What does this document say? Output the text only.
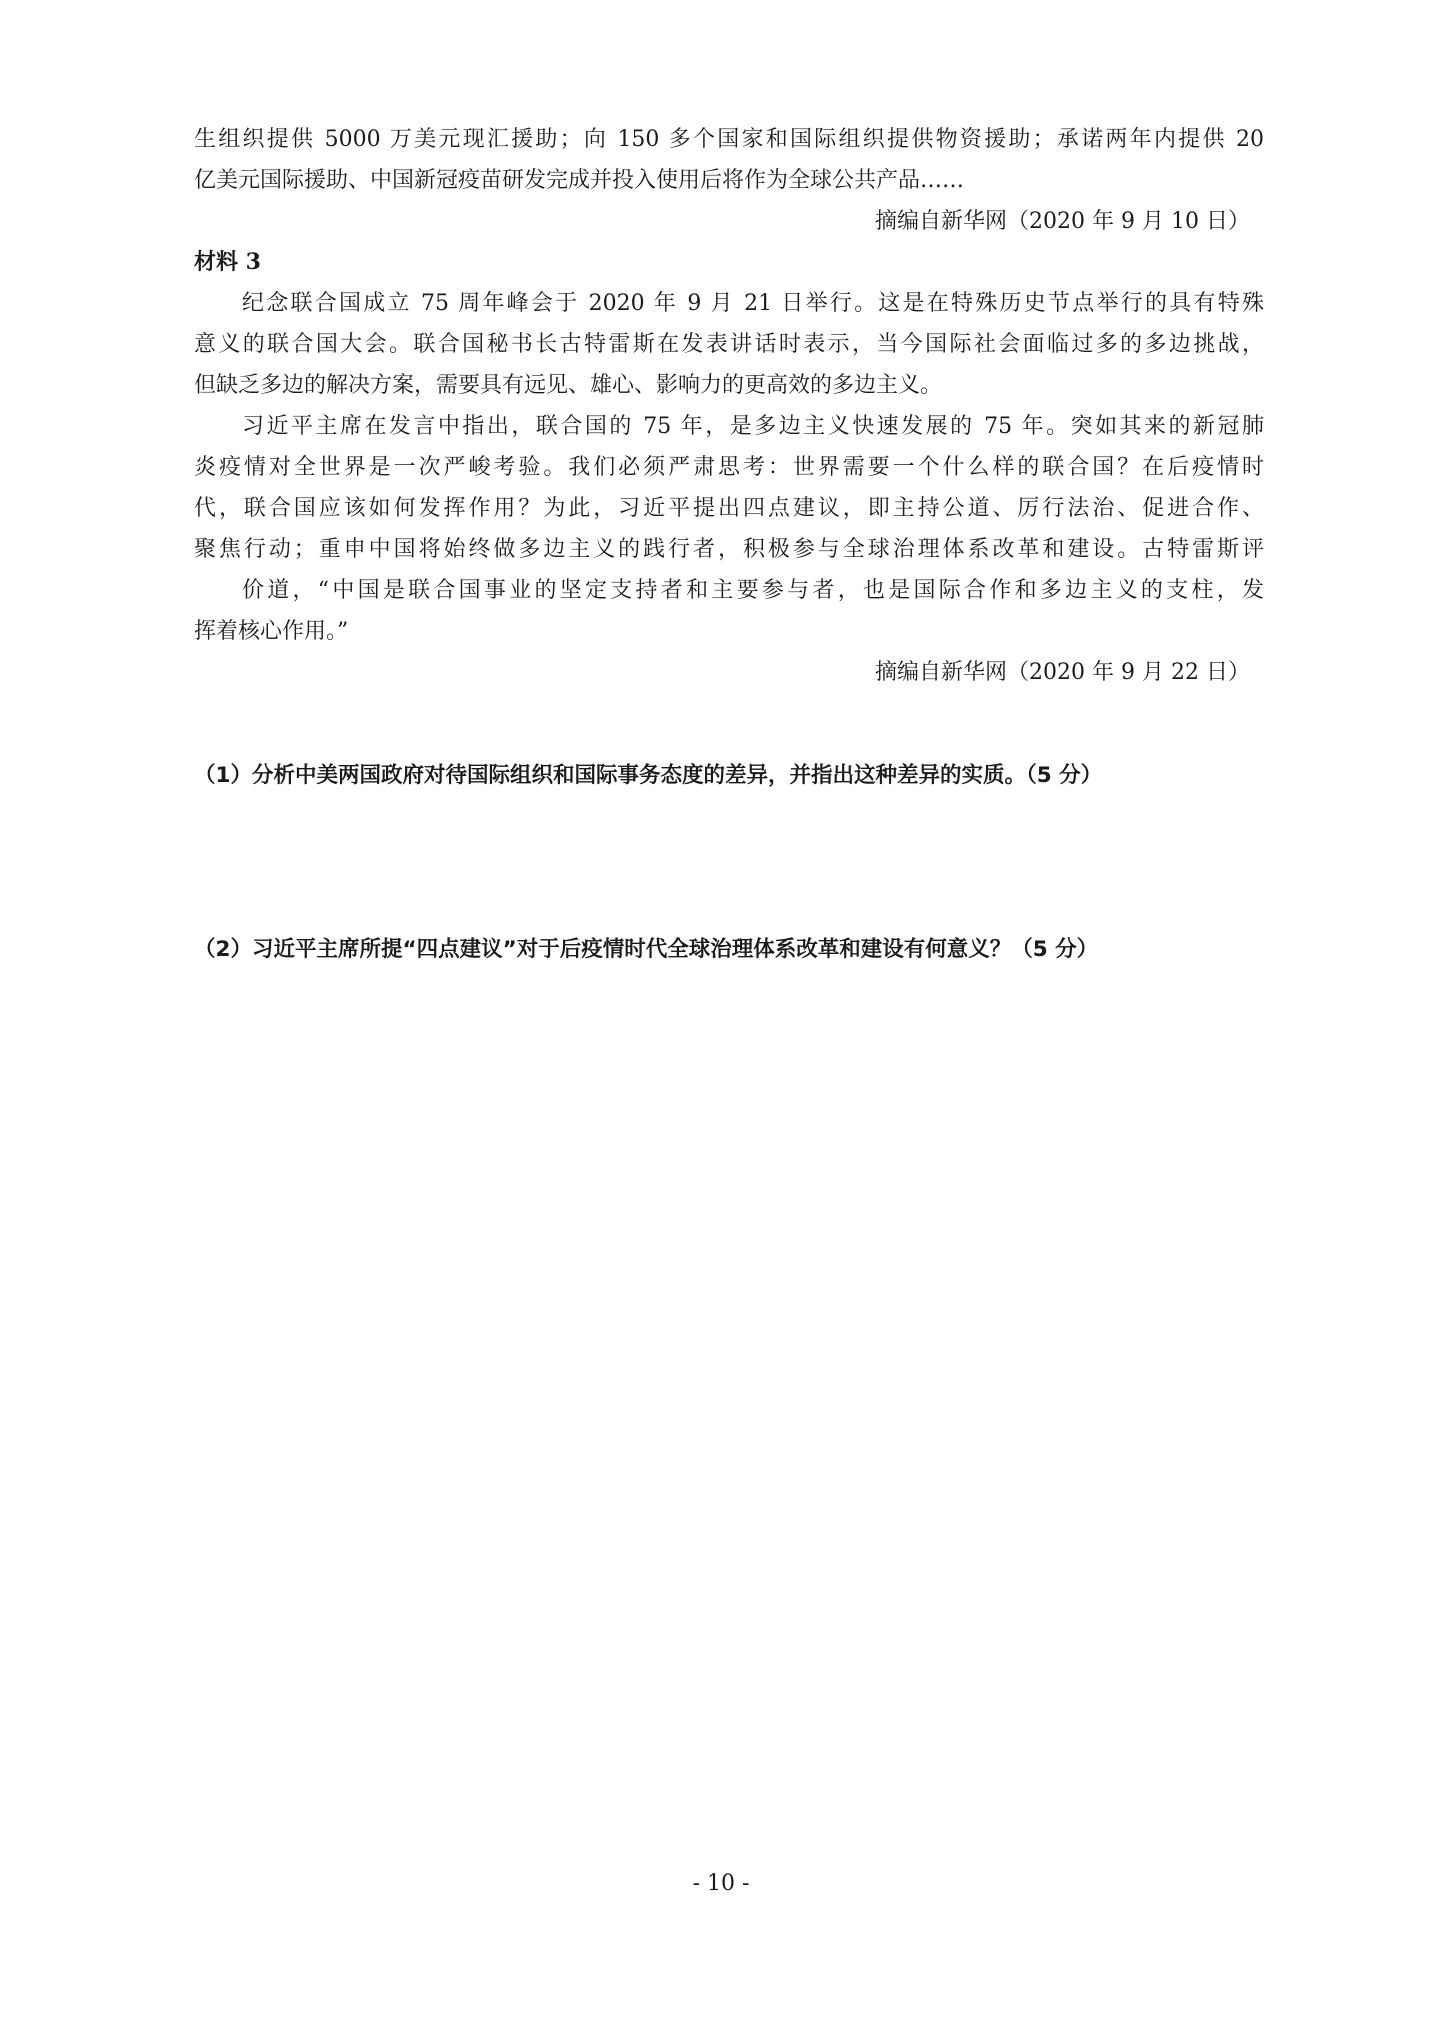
生组织提供 5000 万美元现汇援助；向 150 多个国家和国际组织提供物资援助；承诺两年内提供 20
亿美元国际援助、中国新冠疫苗研发完成并投入使用后将作为全球公共产品……
摘编自新华网（2020 年 9 月 10 日）
材料 3
纪念联合国成立 75 周年峰会于 2020 年 9 月 21 日举行。这是在特殊历史节点举行的具有特殊
意义的联合国大会。联合国秘书长古特雷斯在发表讲话时表示，当今国际社会面临过多的多边挑战，
但缺乏多边的解决方案，需要具有远见、雄心、影响力的更高效的多边主义。
习近平主席在发言中指出，联合国的 75 年，是多边主义快速发展的 75 年。突如其来的新冠肺
炎疫情对全世界是一次严峻考验。我们必须严肃思考：世界需要一个什么样的联合国？在后疫情时
代，联合国应该如何发挥作用？为此，习近平提出四点建议，即主持公道、厉行法治、促进合作、
聚焦行动；重申中国将始终做多边主义的践行者，积极参与全球治理体系改革和建设。古特雷斯评
价道，“中国是联合国事业的坚定支持者和主要参与者，也是国际合作和多边主义的支柱，发
挥着核心作用。”
摘编自新华网（2020 年 9 月 22 日）
（1）分析中美两国政府对待国际组织和国际事务态度的差异，并指出这种差异的实质。（5 分）
（2）习近平主席所提“四点建议”对于后疫情时代全球治理体系改革和建设有何意义？（5 分）
- 10 -
